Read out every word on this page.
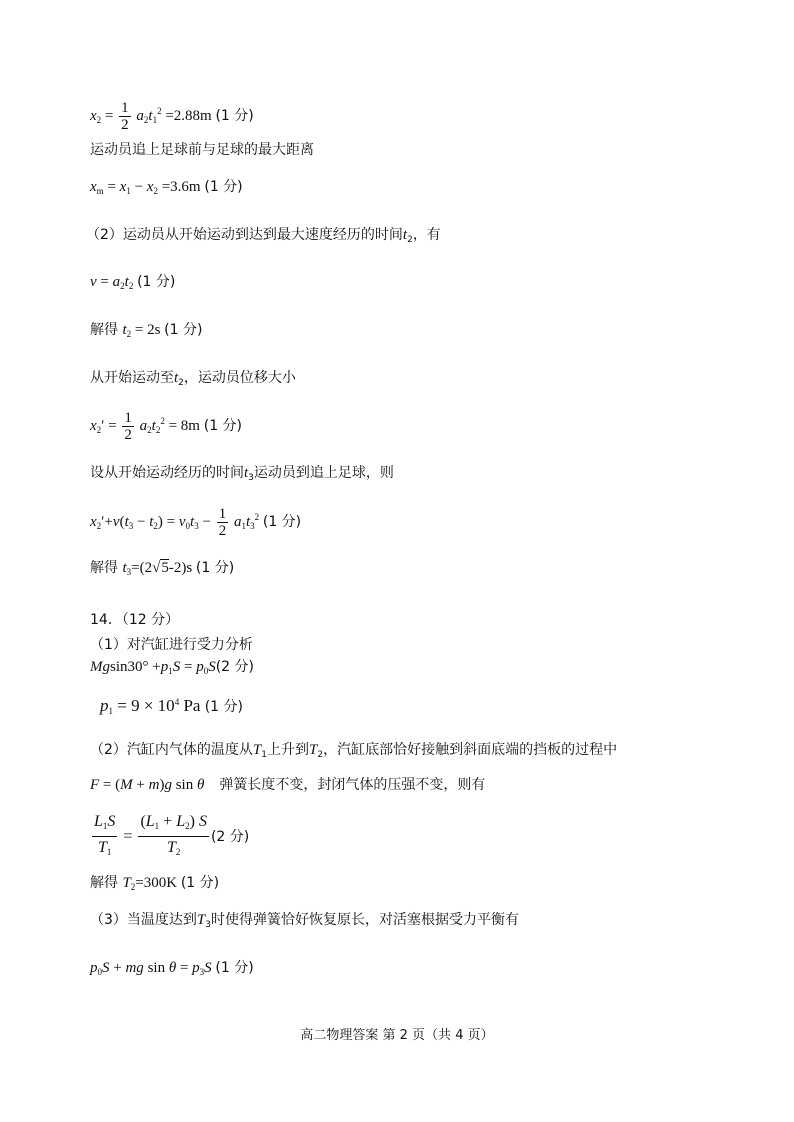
$x_2 = \frac{1}{2} a_2t_1^2 =2.88m$ (1 分)
运动员追上足球前与足球的最大距离
$x_m = x_1 - x_2 =3.6m$ (1 分)
（2）运动员从开始运动到达到最大速度经历的时间$t_2$，有
$v = a_2t_2$ (1 分)
解得 $t_2 = 2s$ (1 分)
从开始运动至$t_2$，运动员位移大小
$x_2' = \frac{1}{2} a_2t_2^2 = 8m$ (1 分)
设从开始运动经历的时间$t_3$运动员到追上足球，则
$x_2'+v(t_3 - t_2) = v_0t_3 - \frac{1}{2} a_1t_3^2$ (1 分)
解得 $t_3=(2√5-2)s$ (1 分)
14．（12 分）
（1）对汽缸进行受力分析
$Mgsin30^\circ +p_1S = p_0S(2$ 分)
$p_1 = 9 \times 10^4$ Pa (1 分)
（2）汽缸内气体的温度从$T_1$上升到$T_2$，汽缸底部恰好接触到斜面底端的挡板的过程中
F = (M + m)g sin θ 弹簧长度不变，封闭气体的压强不变，则有
$\frac{L_1S}{T_1} = \frac{(L_1 + L_2) S}{T_2} (2$ 分)
解得 $T_2=300K$ (1 分)
（3）当温度达到$T_3$时使得弹簧恰好恢复原长，对活塞根据受力平衡有
$p_0S$ + mg $\sin \theta = p_3S$ (1 分)
高二物理答案 第 2 页（共 4 页）
